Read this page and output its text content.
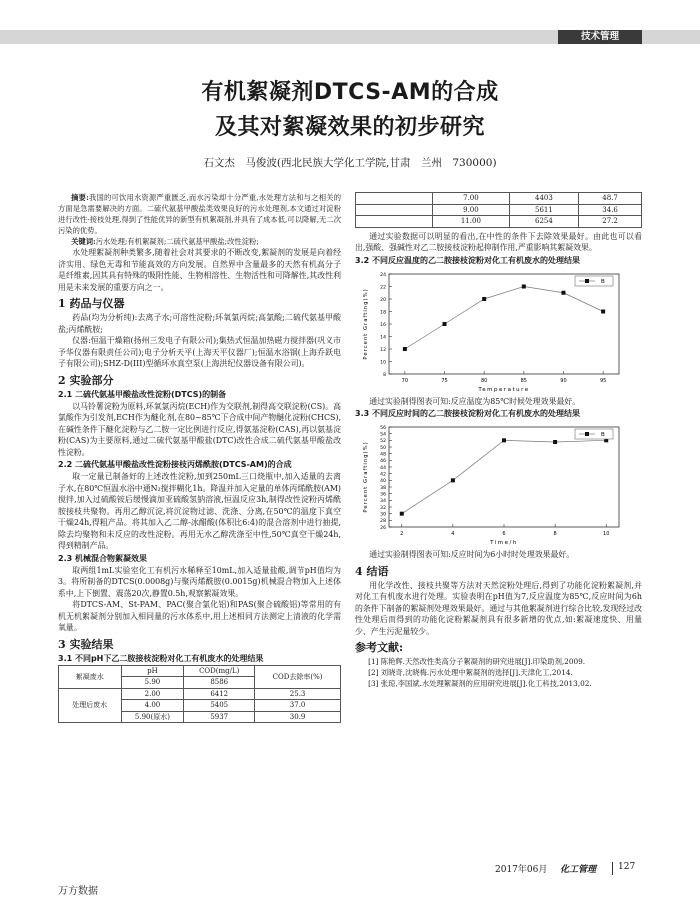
技术管理
有机絮凝剂DTCS-AM的合成
及其对絮凝效果的初步研究
石文杰　马俊波(西北民族大学化工学院,甘肃　兰州　730000)

摘要:我国的可饮用水资源严重匮乏,而水污染却十分严重,水处理方法和与之相关的方面是急需要解决的方面。二硫代氨基甲酸盐类效果良好的污水处理剂,本文通过对淀粉进行改性-接枝处理,得到了性能优异的新型有机絮凝剂,并具有了成本低,可以降解,无二次污染的优势。

关键词:污水处理;有机絮凝剂;二硫代氨基甲酸盐;改性淀粉;

水处理絮凝剂种类繁多,随着社会对其要求的不断改变,絮凝剂的发展是向着经济实用、绿色无毒和节能高效的方向发展。自然界中含量最多的天然有机高分子是纤维素,因其具有特殊的吸附性能、生物相溶性、生物活性和可降解性,其改性利用是未来发展的重要方向之一。

1 药品与仪器

药品(均为分析纯):去离子水;可溶性淀粉;环氧氯丙烷;高氯酸;二硫代氨基甲酸盐;丙烯酰胺;

仪器:恒温干燥箱(扬州三发电子有限公司);集热式恒温加热磁力搅拌器(巩义市予华仪器有限责任公司);电子分析天平(上海天平仪器厂);恒温水浴锅(上海乔跃电子有限公司);SHZ-D(III)型循环水真空泵(上海洪纪仪器设备有限公司)。

2 实验部分
2.1 二硫代氨基甲酸盐改性淀粉(DTCS)的制备

以马铃薯淀粉为原料,环氧氯丙烷(ECH)作为交联剂,制得高交联淀粉(CS)。高氯酸作为引发剂,ECH作为醚化剂,在80~85℃下合成中间产物醚化淀粉(CHCS),在碱性条件下醚化淀粉与乙二胺一定比例进行反应,得氨基淀粉(CAS),再以氨基淀粉(CAS)为主要原料,通过二硫代氨基甲酸盐(DTC)改性合成二硫代氨基甲酸盐改性淀粉。

2.2 二硫代氨基甲酸盐改性淀粉接枝丙烯酰胺(DTCS-AM)的合成

取一定量已制备好的上述改性淀粉,加到250mL三口烧瓶中,加入适量的去离子水,在80℃恒温水浴中通N₂搅拌糊化1h。降温并加入定量的单体丙烯酰胺(AM)搅拌,加入过硫酸铵后缓慢滴加亚硫酸氢钠溶液,恒温反应3h,制得改性淀粉丙烯酰胺接枝共聚物。再用乙醇沉淀,将沉淀物过滤、洗涤、分离,在50℃的温度下真空干燥24h,得粗产品。将其加入乙二醇-冰醋酸(体积比6:4)的混合溶剂中进行抽提,除去均聚物和未反应的改性淀粉。再用无水乙醇洗涤至中性,50℃真空干燥24h,得到精制产品。

2.3 机械混合物絮凝效果

取两组1mL实验室化工有机污水稀释至10mL,加入适量盐酸,调节pH值均为3。将所制备的DTCS(0.0008g)与聚丙烯酰胺(0.0015g)机械混合物加入上述体系中,上下倒置、震荡20次,静置0.5h,观察絮凝效果。

将DTCS-AM、St-PAM、PAC(聚合氯化铝)和PAS(聚合硫酸铝)等常用的有机无机絮凝剂分别加入相同量的污水体系中,用上述相同方法测定上清液的化学需氧量。

3 实验结果
3.1 不同pH下乙二胺接枝淀粉对化工有机废水的处理结果
絮凝废水	pH	COD(mg/L)	COD去除率(%)
	5.90	8586	
处理后废水	2.00	6412	25.3
	4.00	5405	37.0
	5.90(原水)	5937	30.9
	7.00	4403	48.7
	9.00	5611	34.6
	11.00	6254	27.2

通过实验数据可以明显的看出,在中性的条件下去除效果最好。由此也可以看出,强酸、强碱性对乙二胺接枝淀粉起抑制作用,严重影响其絮凝效果。

3.2 不同反应温度的乙二胺接枝淀粉对化工有机废水的处理结果
70	75	80	85	90	95
8
10
12
14
16
18
20
22
24
Temperature
Percent Grafting(%)
B

通过实验制得图表可知:反应温度为85℃时候处理效果最好。

3.3 不同反应时间的乙二胺接枝淀粉对化工有机废水的处理结果
2	4	6	8	10
26
28
30
32
34
36
38
40
42
44
46
48
50
52
54
56
Time/h
Percent Grafting(%)
B

通过实验制得图表可知:反应时间为6小时时处理效果最好。

4 结语

用化学改性、接枝共聚等方法对天然淀粉处理后,得到了功能化淀粉絮凝剂,并对化工有机废水进行处理。实验表明在pH值为7,反应温度为85℃,反应时间为6h的条件下制备的絮凝剂处理效果最好。通过与其他絮凝剂进行综合比较,发现经过改性处理后而得到的功能化淀粉絮凝剂具有很多新增的优点,如:絮凝速度快、用量少、产生污泥量较少。

参考文献:

[1] 陈艳辉.天然改性类高分子絮凝剂的研究进展[J].印染助剂,2009.

[2] 刘晓奇,沈晓梅.污水处理中絮凝剂的选择[J].天津化工,2014.

[3] 张琼,李国斌.水处理絮凝剂的应用研究进展[J].化工科技,2013,02.

2017年06月 化工管理	127
万方数据
